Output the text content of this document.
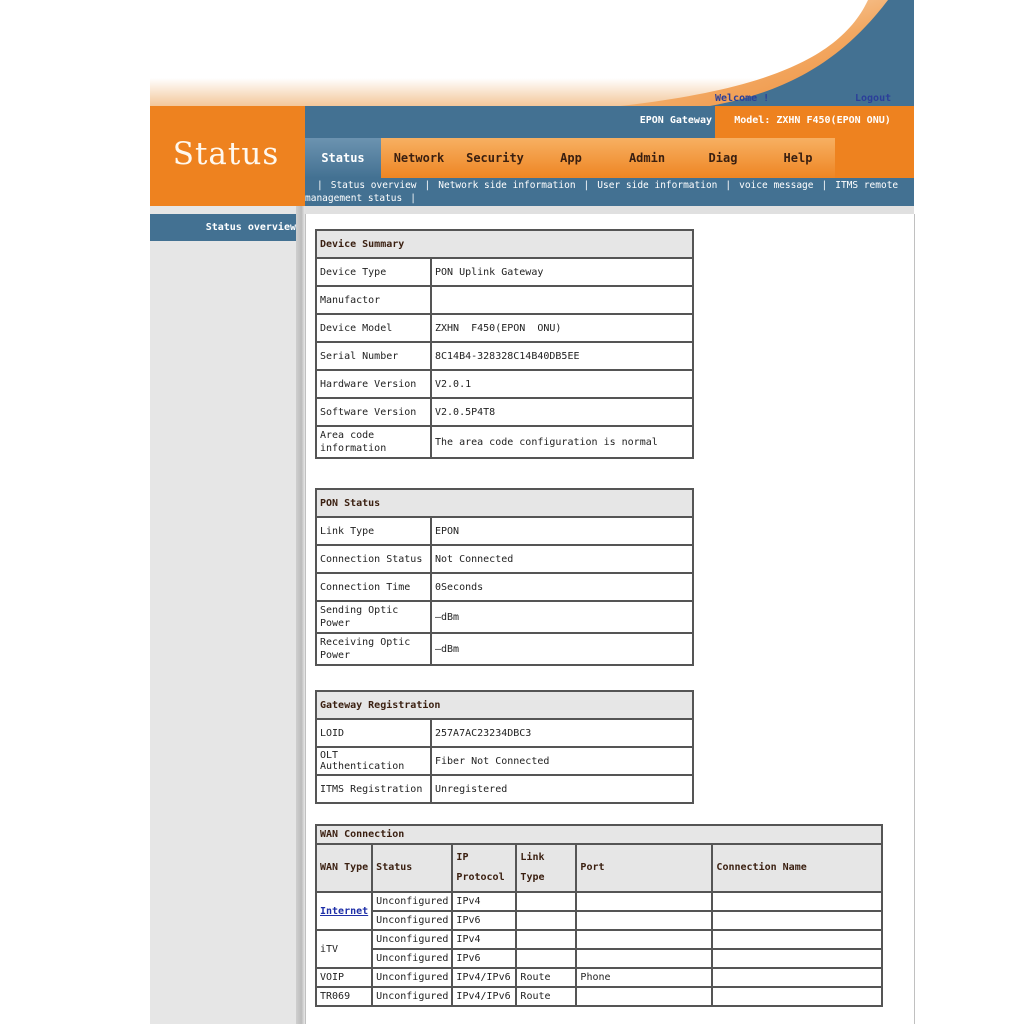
Welcome !	Logout
Status
EPON Gateway	Model: ZXHN F450(EPON ONU)
Status	Network	Security	App	Admin	Diag	Help
| Status overview | Network side information | User side information | voice message | ITMS remote management status |
Status overview
Device Summary	
Device Type	PON Uplink Gateway
Manufactor	
Device Model	ZXHN  F450(EPON  ONU)
Serial Number	8C14B4-328328C14B40DB5EE
Hardware Version	V2.0.1
Software Version	V2.0.5P4T8
Area code information	The area code configuration is normal
PON Status	
Link Type	EPON
Connection Status	Not Connected
Connection Time	0Seconds
Sending Optic Power	—dBm
Receiving Optic Power	—dBm
Gateway Registration	
LOID	257A7AC23234DBC3
OLT Authentication	Fiber Not Connected
ITMS Registration	Unregistered
WAN Connection					
WAN Type	Status	IP Protocol	Link Type	Port	Connection Name
Internet	Unconfigured	IPv4			
	Unconfigured	IPv6			
iTV	Unconfigured	IPv4			
	Unconfigured	IPv6			
VOIP	Unconfigured	IPv4/IPv6	Route	Phone	
TR069	Unconfigured	IPv4/IPv6	Route		
